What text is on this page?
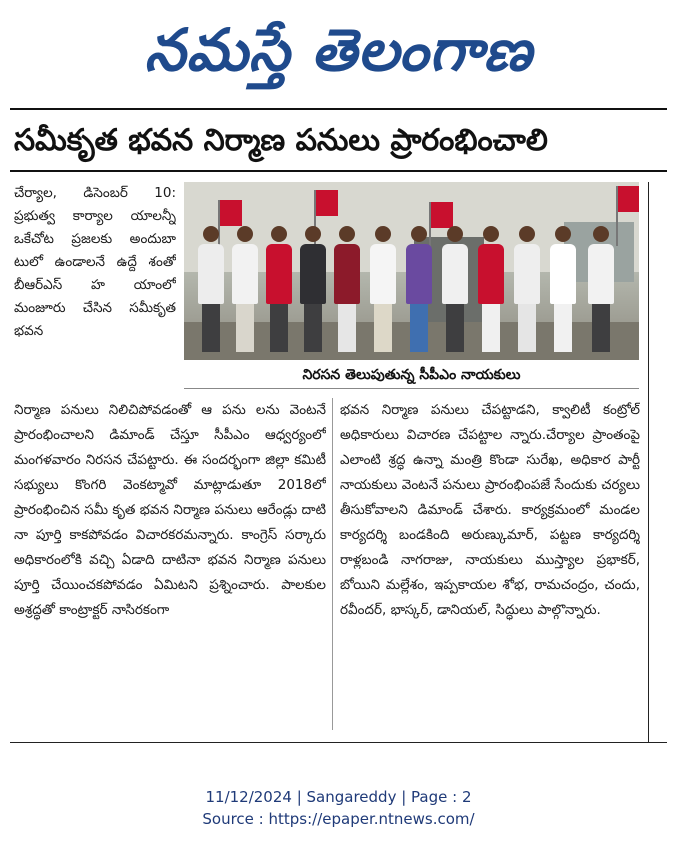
నమస్తే తెలంగాణ
సమీకృత భవన నిర్మాణ పనులు ప్రారంభించాలి

చేర్యాల, డిసెంబర్ 10: ప్రభుత్వ కార్యాల యాలన్నీ ఒకేచోట ప్రజలకు అందుబా టులో ఉండాలనే ఉద్దే శంతో బీఆర్ఎస్ హ యాంలో మంజూరు చేసిన సమీకృత భవన

నిరసన తెలుపుతున్న సీపీఎం నాయకులు

నిర్మాణ పనులు నిలిచిపోవడంతో ఆ పను లను వెంటనే ప్రారంభించాలని డిమాండ్ చేస్తూ సీపీఎం ఆధ్వర్యంలో మంగళవారం నిరసన చేపట్టారు. ఈ సందర్భంగా జిల్లా కమిటీ సభ్యులు కొంగరి వెంకట్మావో మాట్లాడుతూ 2018లో ప్రారంభించిన సమీ కృత భవన నిర్మాణ పనులు ఆరేండ్లు దాటి నా పూర్తి కాకపోవడం విచారకరమన్నారు. కాంగ్రెస్ సర్కారు అధికారంలోకి వచ్చి ఏడాది దాటినా భవన నిర్మాణ పనులు పూర్తి చేయించకపోవడం ఏమిటని ప్రశ్నించారు. పాలకుల అశ్రద్ధతో కాంట్రాక్టర్ నాసిరకంగా

భవన నిర్మాణ పనులు చేపట్టాడని, క్వాలిటీ కంట్రోల్ అధికారులు విచారణ చేపట్టాల న్నారు.చేర్యాల ప్రాంతంపై ఎలాంటి శ్రద్ధ ఉన్నా మంత్రి కొండా సురేఖ, అధికార పార్టీ నాయకులు వెంటనే పనులు ప్రారంభింపజే సేందుకు చర్యలు తీసుకోవాలని డిమాండ్ చేశారు. కార్యక్రమంలో మండల కార్యదర్శి బండకింది అరుణ్కుమార్, పట్టణ కార్యదర్శి రాళ్లబండి నాగరాజు, నాయకులు ముస్త్యాల ప్రభాకర్, బోయిని మల్లేశం, ఇప్పకాయల శోభ, రామచంద్రం, చందు, రవీందర్, భాస్కర్, డానియల్, సిద్ధులు పాల్గొన్నారు.

11/12/2024 | Sangareddy | Page : 2
Source : https://epaper.ntnews.com/
